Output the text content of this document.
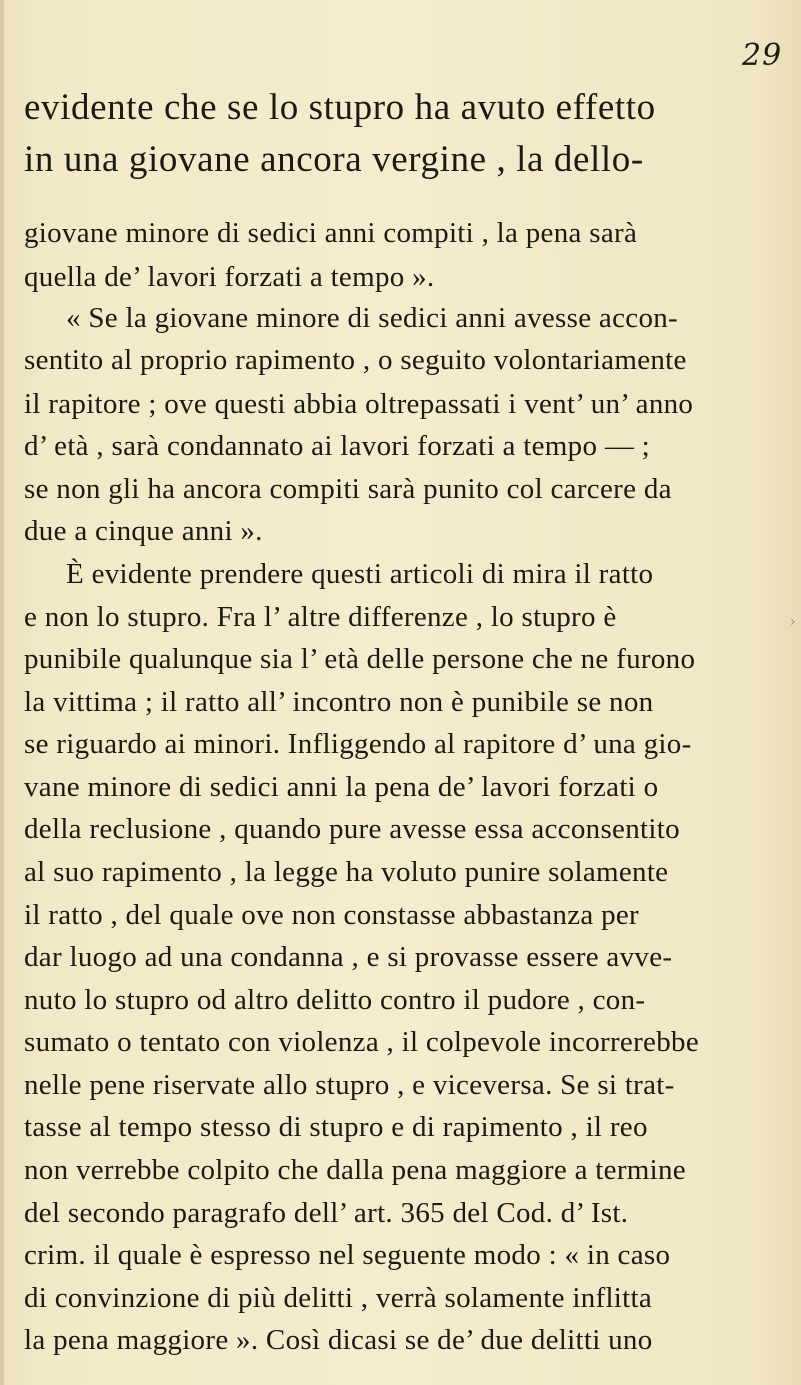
29
evidente che se lo stupro ha avuto effetto
in una giovane ancora vergine , la dello-
giovane minore di sedici anni compiti , la pena sarà
quella de’ lavori forzati a tempo ».
« Se la giovane minore di sedici anni avesse accon-
sentito al proprio rapimento , o seguito volontariamente
il rapitore ; ove questi abbia oltrepassati i vent’ un’ anno
d’ età , sarà condannato ai lavori forzati a tempo — ;
se non gli ha ancora compiti sarà punito col carcere da
due a cinque anni ».
È evidente prendere questi articoli di mira il ratto
e non lo stupro. Fra l’ altre differenze , lo stupro è
punibile qualunque sia l’ età delle persone che ne furono
la vittima ; il ratto all’ incontro non è punibile se non
se riguardo ai minori. Infliggendo al rapitore d’ una gio-
vane minore di sedici anni la pena de’ lavori forzati o
della reclusione , quando pure avesse essa acconsentito
al suo rapimento , la legge ha voluto punire solamente
il ratto , del quale ove non constasse abbastanza per
dar luogo ad una condanna , e si provasse essere avve-
nuto lo stupro od altro delitto contro il pudore , con-
sumato o tentato con violenza , il colpevole incorrerebbe
nelle pene riservate allo stupro , e viceversa. Se si trat-
tasse al tempo stesso di stupro e di rapimento , il reo
non verrebbe colpito che dalla pena maggiore a termine
del secondo paragrafo dell’ art. 365 del Cod. d’ Ist.
crim. il quale è espresso nel seguente modo : « in caso
di convinzione di più delitti , verrà solamente inflitta
la pena maggiore ». Così dicasi se de’ due delitti uno
›
